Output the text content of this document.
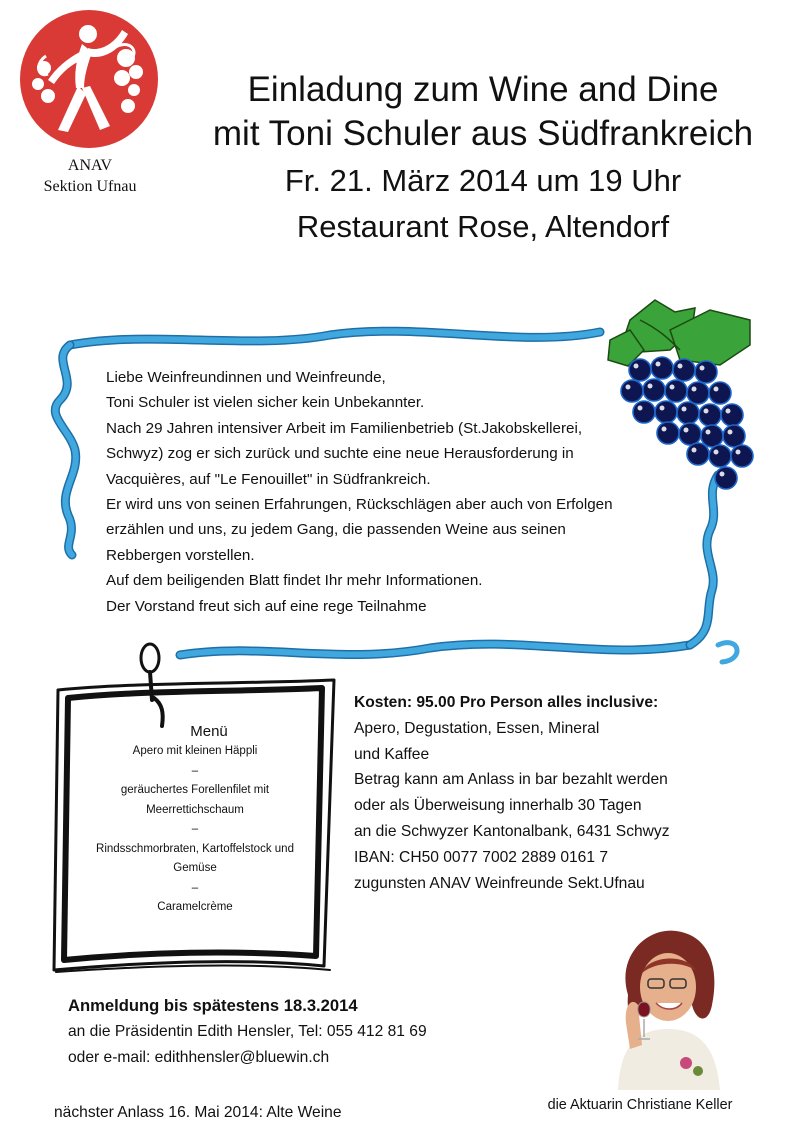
ANAV
Sektion Ufnau
Einladung zum Wine and Dine
mit Toni Schuler aus Südfrankreich
Fr. 21. März 2014 um 19 Uhr
Restaurant Rose, Altendorf
Liebe Weinfreundinnen und Weinfreunde,
Toni Schuler ist vielen sicher kein Unbekannter.
Nach 29 Jahren intensiver Arbeit im Familienbetrieb (St.Jakobskellerei,
Schwyz) zog er sich zurück und suchte eine neue Herausforderung in
Vacquières, auf "Le Fenouillet" in Südfrankreich.
Er wird uns von seinen Erfahrungen, Rückschlägen aber auch von Erfolgen
erzählen und uns, zu jedem Gang, die passenden Weine aus seinen
Rebbergen vorstellen.
Auf dem beiligenden Blatt findet Ihr mehr Informationen.
Der Vorstand freut sich auf eine rege Teilnahme
Menü
Apero mit kleinen Häppli
–
geräuchertes Forellenfilet mit
Meerrettichschaum
–
Rindsschmorbraten, Kartoffelstock und
Gemüse
–
Caramelcrème
Kosten: 95.00 Pro Person alles inclusive:
Apero, Degustation, Essen, Mineral
und Kaffee
Betrag kann am Anlass in bar bezahlt werden
oder als Überweisung innerhalb 30 Tagen
an die Schwyzer Kantonalbank, 6431 Schwyz
IBAN: CH50 0077 7002 2889 0161 7
zugunsten ANAV Weinfreunde Sekt.Ufnau
Anmeldung bis spätestens 18.3.2014
an die Präsidentin Edith Hensler, Tel: 055 412 81 69
oder e-mail: edithhensler@bluewin.ch
die Aktuarin Christiane Keller
nächster Anlass 16. Mai 2014: Alte Weine
